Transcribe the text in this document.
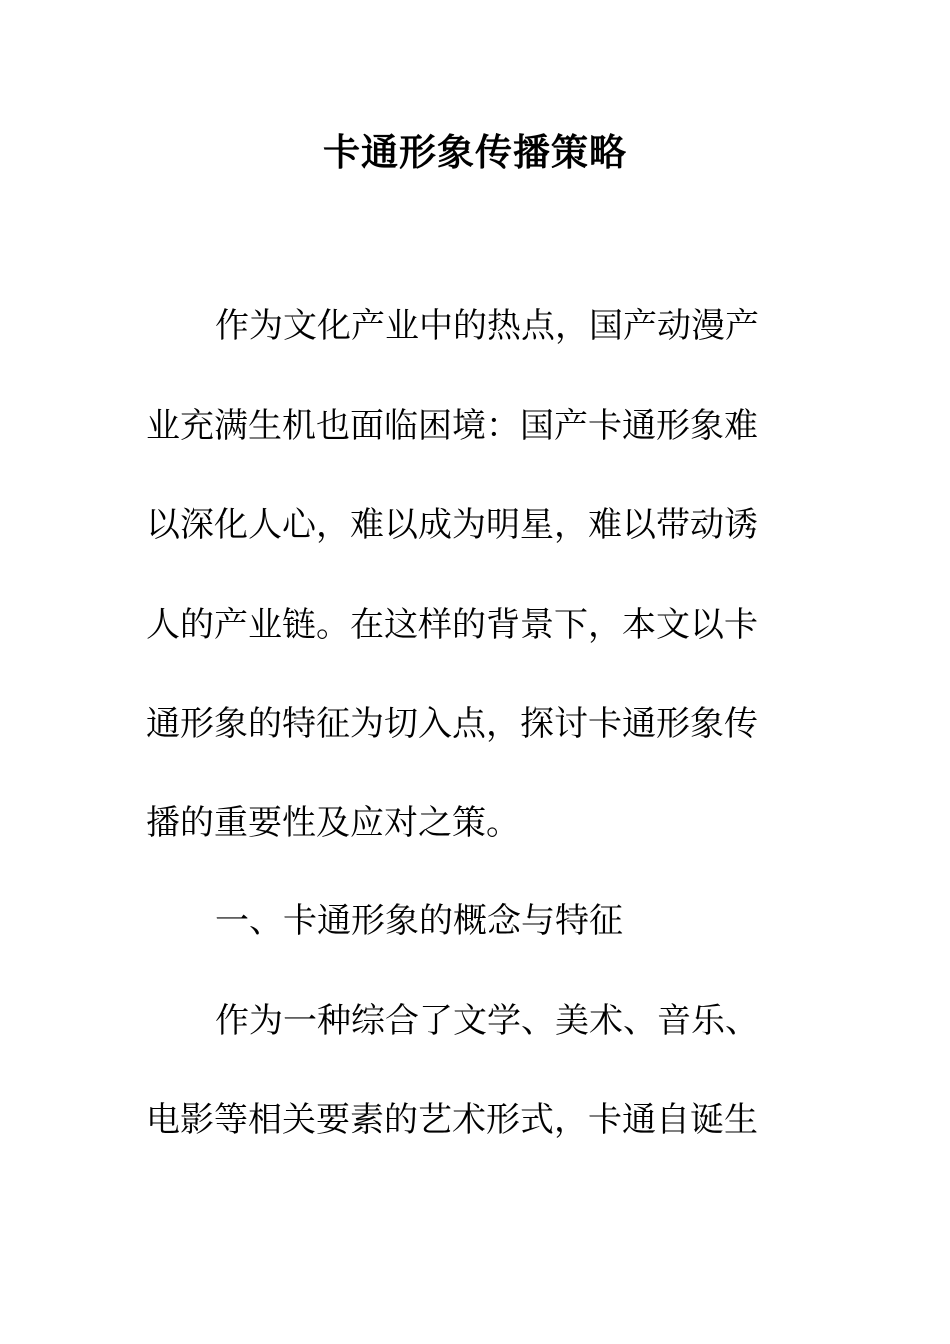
卡通形象传播策略
作为文化产业中的热点，国产动漫产
业充满生机也面临困境：国产卡通形象难
以深化人心，难以成为明星，难以带动诱
人的产业链。在这样的背景下，本文以卡
通形象的特征为切入点，探讨卡通形象传
播的重要性及应对之策。
一、卡通形象的概念与特征
作为一种综合了文学、美术、音乐、
电影等相关要素的艺术形式，卡通自诞生
